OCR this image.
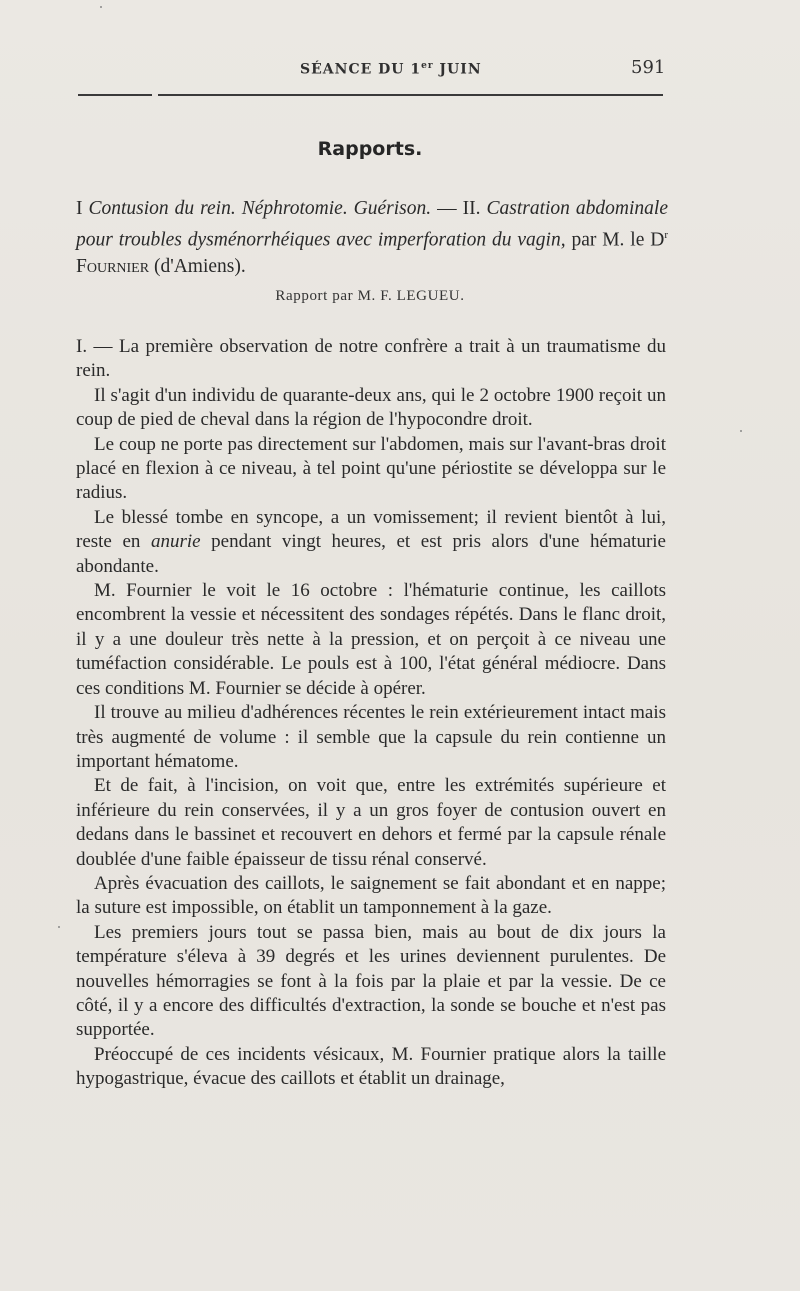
SÉANCE DU 1er JUIN	591
Rapports.
I Contusion du rein. Néphrotomie. Guérison. — II. Castration abdominale pour troubles dysménorrhéiques avec imperforation du vagin, par M. le $D^r$ Fournier (d'Amiens).
Rapport par M. F. LEGUEU.

I. — La première observation de notre confrère a trait à un traumatisme du rein.

Il s'agit d'un individu de quarante-deux ans, qui le 2 octobre 1900 reçoit un coup de pied de cheval dans la région de l'hypocondre droit.

Le coup ne porte pas directement sur l'abdomen, mais sur l'avant-bras droit placé en flexion à ce niveau, à tel point qu'une périostite se développa sur le radius.

Le blessé tombe en syncope, a un vomissement; il revient bientôt à lui, reste en anurie pendant vingt heures, et est pris alors d'une hématurie abondante.

M. Fournier le voit le 16 octobre : l'hématurie continue, les caillots encombrent la vessie et nécessitent des sondages répétés. Dans le flanc droit, il y a une douleur très nette à la pression, et on perçoit à ce niveau une tuméfaction considérable. Le pouls est à 100, l'état général médiocre. Dans ces conditions M. Fournier se décide à opérer.

Il trouve au milieu d'adhérences récentes le rein extérieurement intact mais très augmenté de volume : il semble que la capsule du rein contienne un important hématome.

Et de fait, à l'incision, on voit que, entre les extrémités supérieure et inférieure du rein conservées, il y a un gros foyer de contusion ouvert en dedans dans le bassinet et recouvert en dehors et fermé par la capsule rénale doublée d'une faible épaisseur de tissu rénal conservé.

Après évacuation des caillots, le saignement se fait abondant et en nappe; la suture est impossible, on établit un tamponnement à la gaze.

Les premiers jours tout se passa bien, mais au bout de dix jours la température s'éleva à 39 degrés et les urines deviennent purulentes. De nouvelles hémorragies se font à la fois par la plaie et par la vessie. De ce côté, il y a encore des difficultés d'extraction, la sonde se bouche et n'est pas supportée.

Préoccupé de ces incidents vésicaux, M. Fournier pratique alors la taille hypogastrique, évacue des caillots et établit un drainage,
